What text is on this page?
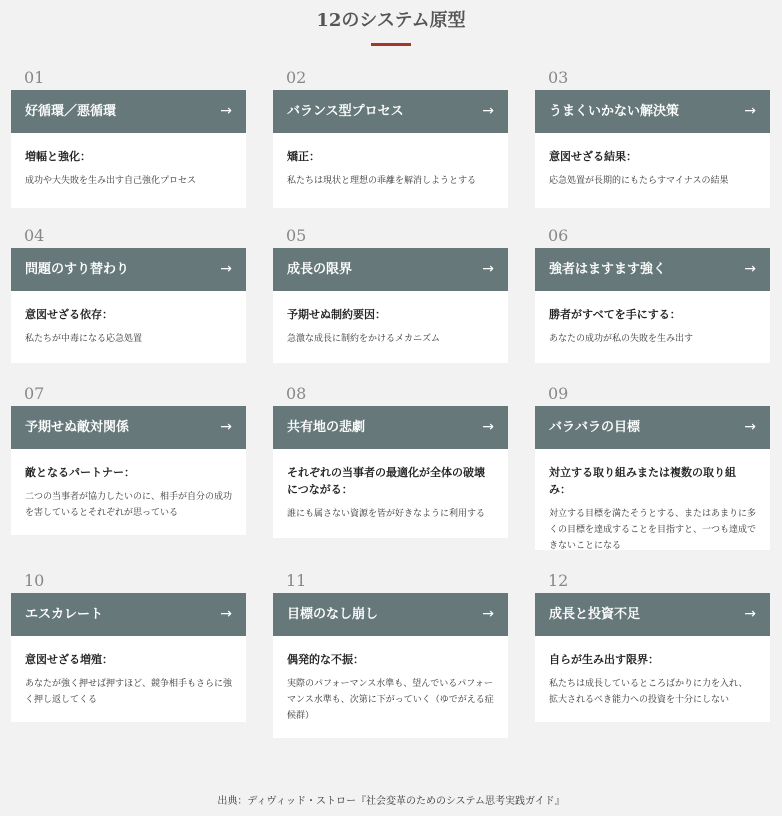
12のシステム原型
01
好循環／悪循環	→

増幅と強化：

成功や大失敗を生み出す自己強化プロセス

02
バランス型プロセス	→

矯正：

私たちは現状と理想の乖離を解消しようとする

03
うまくいかない解決策	→

意図せざる結果：

応急処置が長期的にもたらすマイナスの結果

04
問題のすり替わり	→

意図せざる依存：

私たちが中毒になる応急処置

05
成長の限界	→

予期せぬ制約要因：

急激な成長に制約をかけるメカニズム

06
強者はますます強く	→

勝者がすべてを手にする：

あなたの成功が私の失敗を生み出す

07
予期せぬ敵対関係	→

敵となるパートナー：

二つの当事者が協力したいのに、相手が自分の成功を害しているとそれぞれが思っている

08
共有地の悲劇	→

それぞれの当事者の最適化が全体の破壊につながる：

誰にも属さない資源を皆が好きなように利用する

09
バラバラの目標	→

対立する取り組みまたは複数の取り組み：

対立する目標を満たそうとする、またはあまりに多くの目標を達成することを目指すと、一つも達成できないことになる

10
エスカレート	→

意図せざる増殖：

あなたが強く押せば押すほど、競争相手もさらに強く押し返してくる

11
目標のなし崩し	→

偶発的な不振：

実際のパフォーマンス水準も、望んでいるパフォーマンス水準も、次第に下がっていく（ゆでがえる症候群）

12
成長と投資不足	→

自らが生み出す限界：

私たちは成長しているところばかりに力を入れ、拡大されるべき能力への投資を十分にしない

出典：ディヴィッド・ストロー『社会変革のためのシステム思考実践ガイド』
